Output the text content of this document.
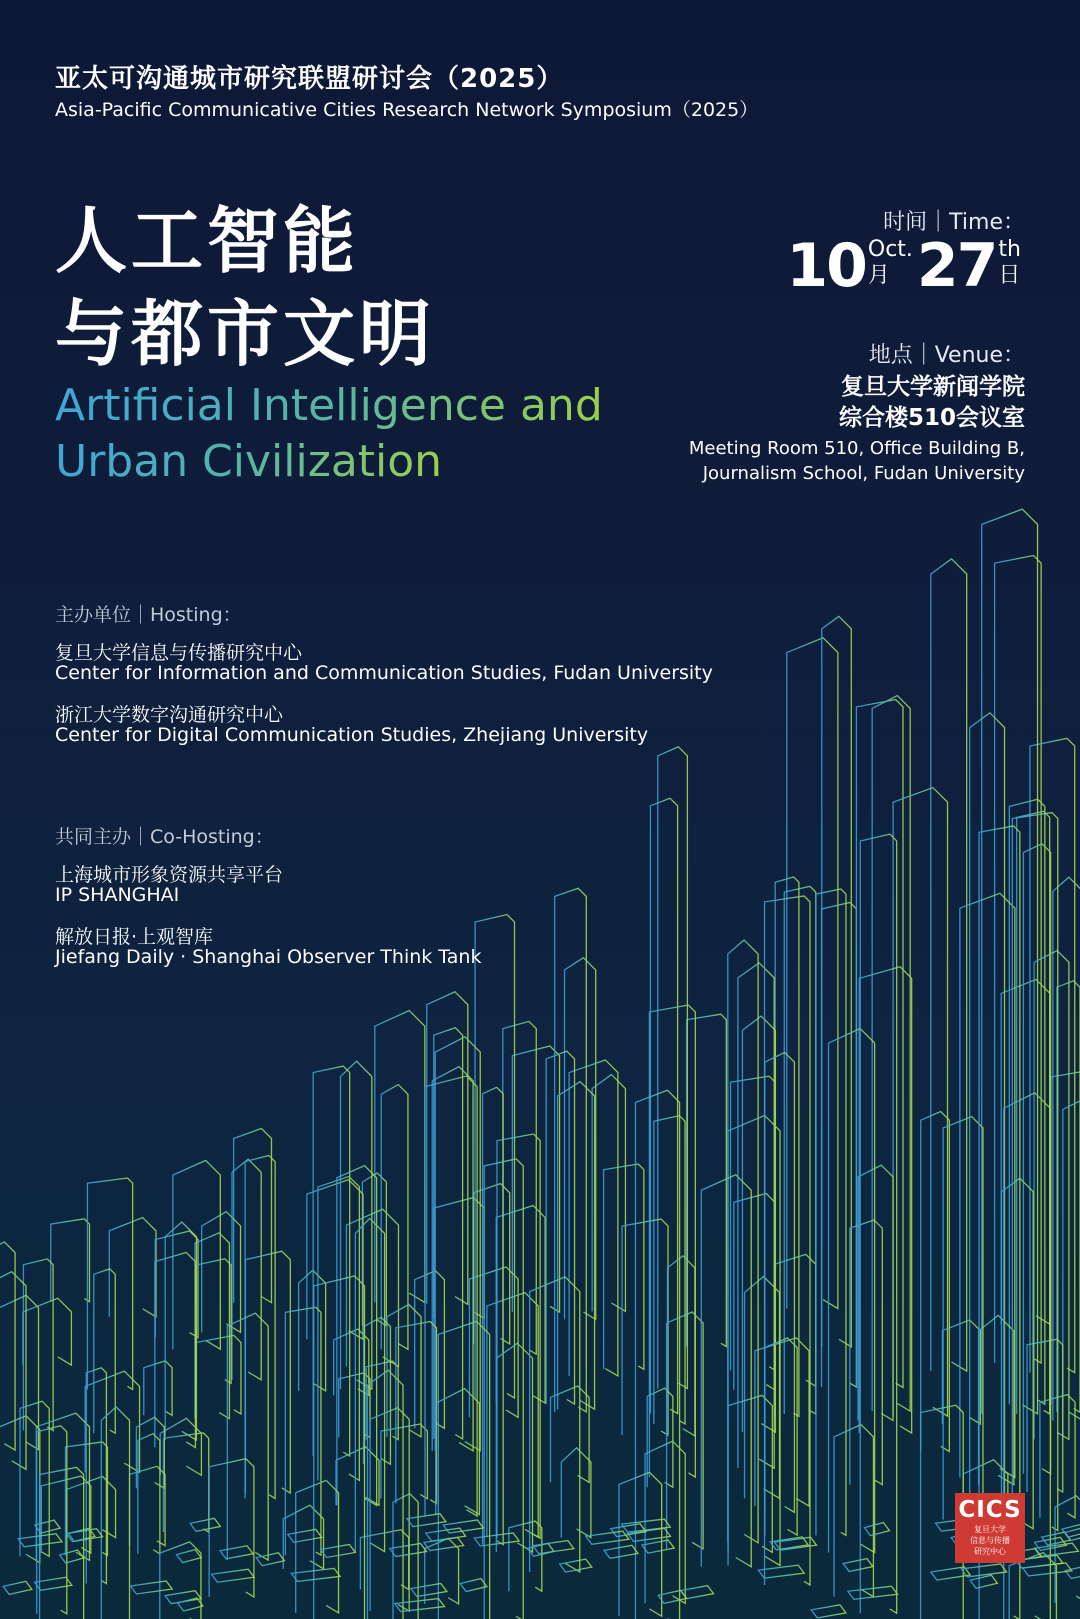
亚太可沟通城市研究联盟研讨会（2025）
Asia-Pacific Communicative Cities Research Network Symposium（2025）
人工智能
与都市文明
Artificial Intelligence and
Urban Civilization
时间｜Time：
10 Oct.
月 27 th
日
地点｜Venue：
复旦大学新闻学院
综合楼510会议室
Meeting Room 510, Office Building B,
Journalism School, Fudan University
主办单位｜Hosting：
复旦大学信息与传播研究中心
Center for Information and Communication Studies, Fudan University
浙江大学数字沟通研究中心
Center for Digital Communication Studies, Zhejiang University
共同主办｜Co-Hosting：
上海城市形象资源共享平台
IP SHANGHAI
解放日报·上观智库
Jiefang Daily · Shanghai Observer Think Tank
CICS
复旦大学
信息与传播
研究中心
